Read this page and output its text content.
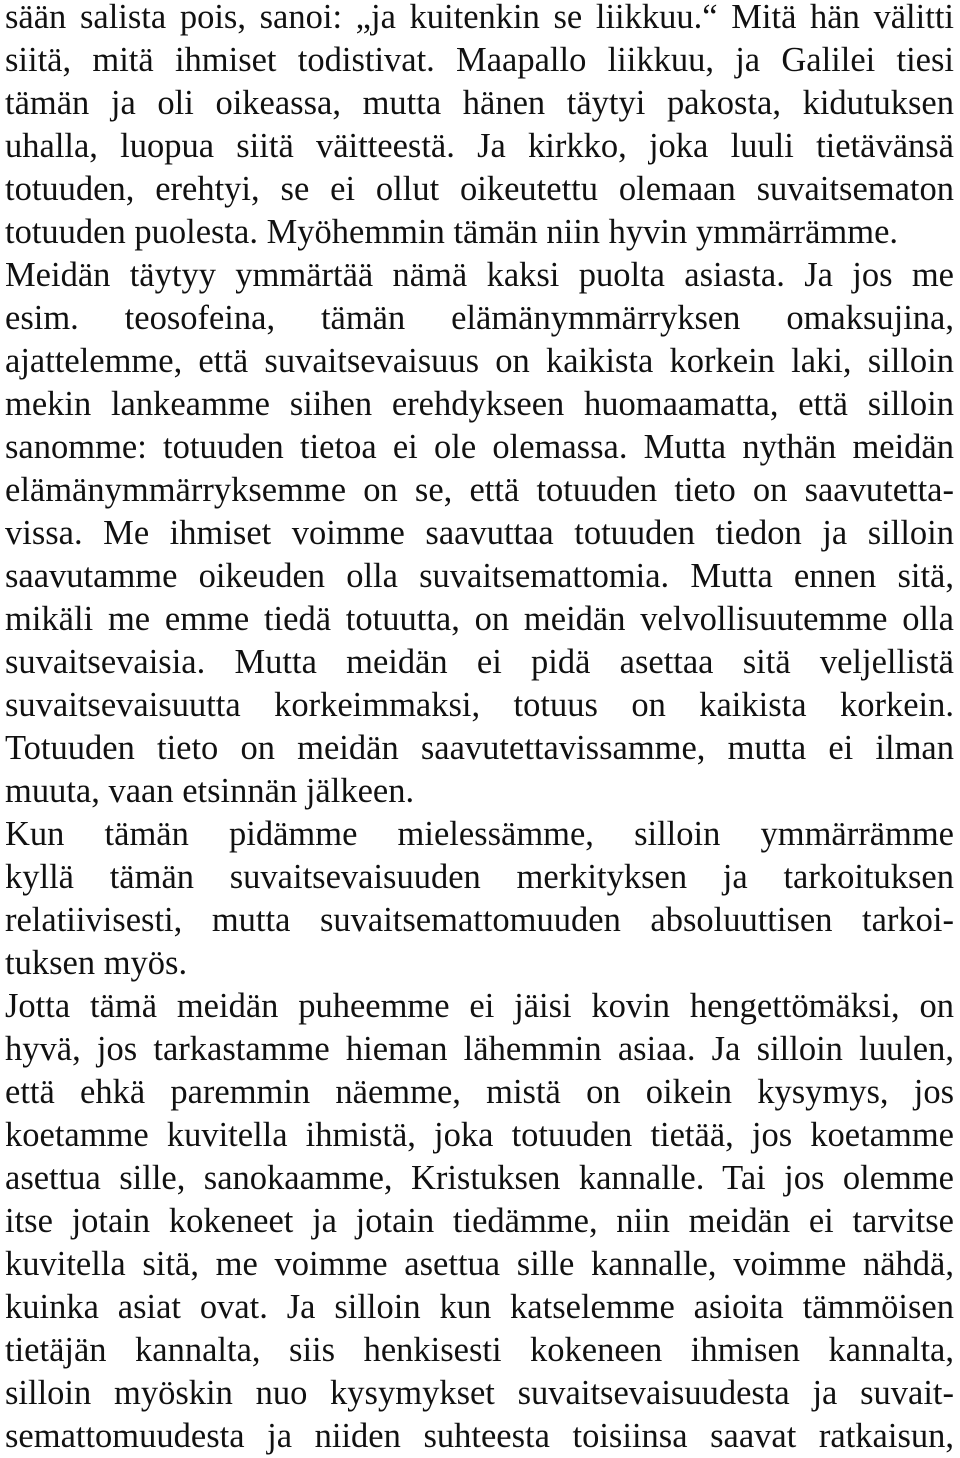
sään salista pois, sanoi: „ja kuitenkin se liikkuu.“ Mitä hän välitti
siitä, mitä ihmiset todistivat. Maapallo liikkuu, ja Galilei tiesi
tämän ja oli oikeassa, mutta hänen täytyi pakosta, kidutuksen
uhalla, luopua siitä väitteestä. Ja kirkko, joka luuli tietävänsä
totuuden, erehtyi, se ei ollut oikeutettu olemaan suvaitsematon
totuuden puolesta. Myöhemmin tämän niin hyvin ymmärrämme.
Meidän täytyy ymmärtää nämä kaksi puolta asiasta. Ja jos me
esim. teosofeina, tämän elämänymmärryksen omaksujina,
ajattelemme, että suvaitsevaisuus on kaikista korkein laki, silloin
mekin lankeamme siihen erehdykseen huomaamatta, että silloin
sanomme: totuuden tietoa ei ole olemassa. Mutta nythän meidän
elämänymmärryksemme on se, että totuuden tieto on saavutetta-
vissa. Me ihmiset voimme saavuttaa totuuden tiedon ja silloin
saavutamme oikeuden olla suvaitsemattomia. Mutta ennen sitä,
mikäli me emme tiedä totuutta, on meidän velvollisuutemme olla
suvaitsevaisia. Mutta meidän ei pidä asettaa sitä veljellistä
suvaitsevaisuutta korkeimmaksi, totuus on kaikista korkein.
Totuuden tieto on meidän saavutettavissamme, mutta ei ilman
muuta, vaan etsinnän jälkeen.
Kun tämän pidämme mielessämme, silloin ymmärrämme
kyllä tämän suvaitsevaisuuden merkityksen ja tarkoituksen
relatiivisesti, mutta suvaitsemattomuuden absoluuttisen tarkoi-
tuksen myös.
Jotta tämä meidän puheemme ei jäisi kovin hengettömäksi, on
hyvä, jos tarkastamme hieman lähemmin asiaa. Ja silloin luulen,
että ehkä paremmin näemme, mistä on oikein kysymys, jos
koetamme kuvitella ihmistä, joka totuuden tietää, jos koetamme
asettua sille, sanokaamme, Kristuksen kannalle. Tai jos olemme
itse jotain kokeneet ja jotain tiedämme, niin meidän ei tarvitse
kuvitella sitä, me voimme asettua sille kannalle, voimme nähdä,
kuinka asiat ovat. Ja silloin kun katselemme asioita tämmöisen
tietäjän kannalta, siis henkisesti kokeneen ihmisen kannalta,
silloin myöskin nuo kysymykset suvaitsevaisuudesta ja suvait-
semattomuudesta ja niiden suhteesta toisiinsa saavat ratkaisun,
